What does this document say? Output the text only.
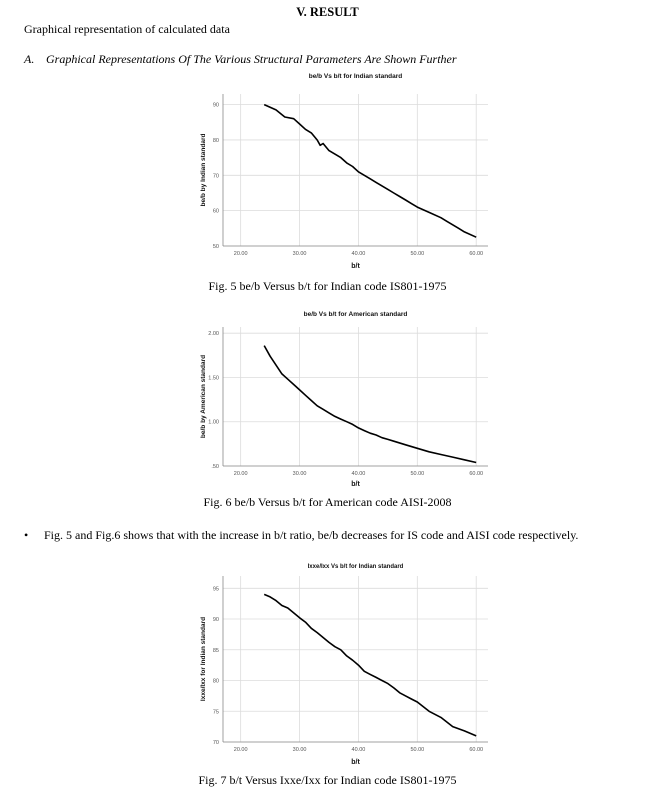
V. RESULT
Graphical representation of calculated data
A. Graphical Representations Of The Various Structural Parameters Are Shown Further
20.00	30.00	40.00	50.00	60.00
50
60
70
80
90
be/b Vs b/t for Indian standard
b/t
be/b by Indian standard
Fig. 5 be/b Versus b/t for Indian code IS801-1975
20.00	30.00	40.00	50.00	60.00
.50
1.00
1.50
2.00
be/b Vs b/t for American standard
b/t
be/b by American standard
Fig. 6 be/b Versus b/t for American code AISI-2008
• Fig. 5 and Fig.6 shows that with the increase in b/t ratio, be/b decreases for IS code and AISI code respectively.
20.00	30.00	40.00	50.00	60.00
70
75
80
85
90
95
Ixxe/Ixx Vs b/t for Indian standard
b/t
Ixxe/Ixx for Indian standard
Fig. 7 b/t Versus Ixxe/Ixx for Indian code IS801-1975
